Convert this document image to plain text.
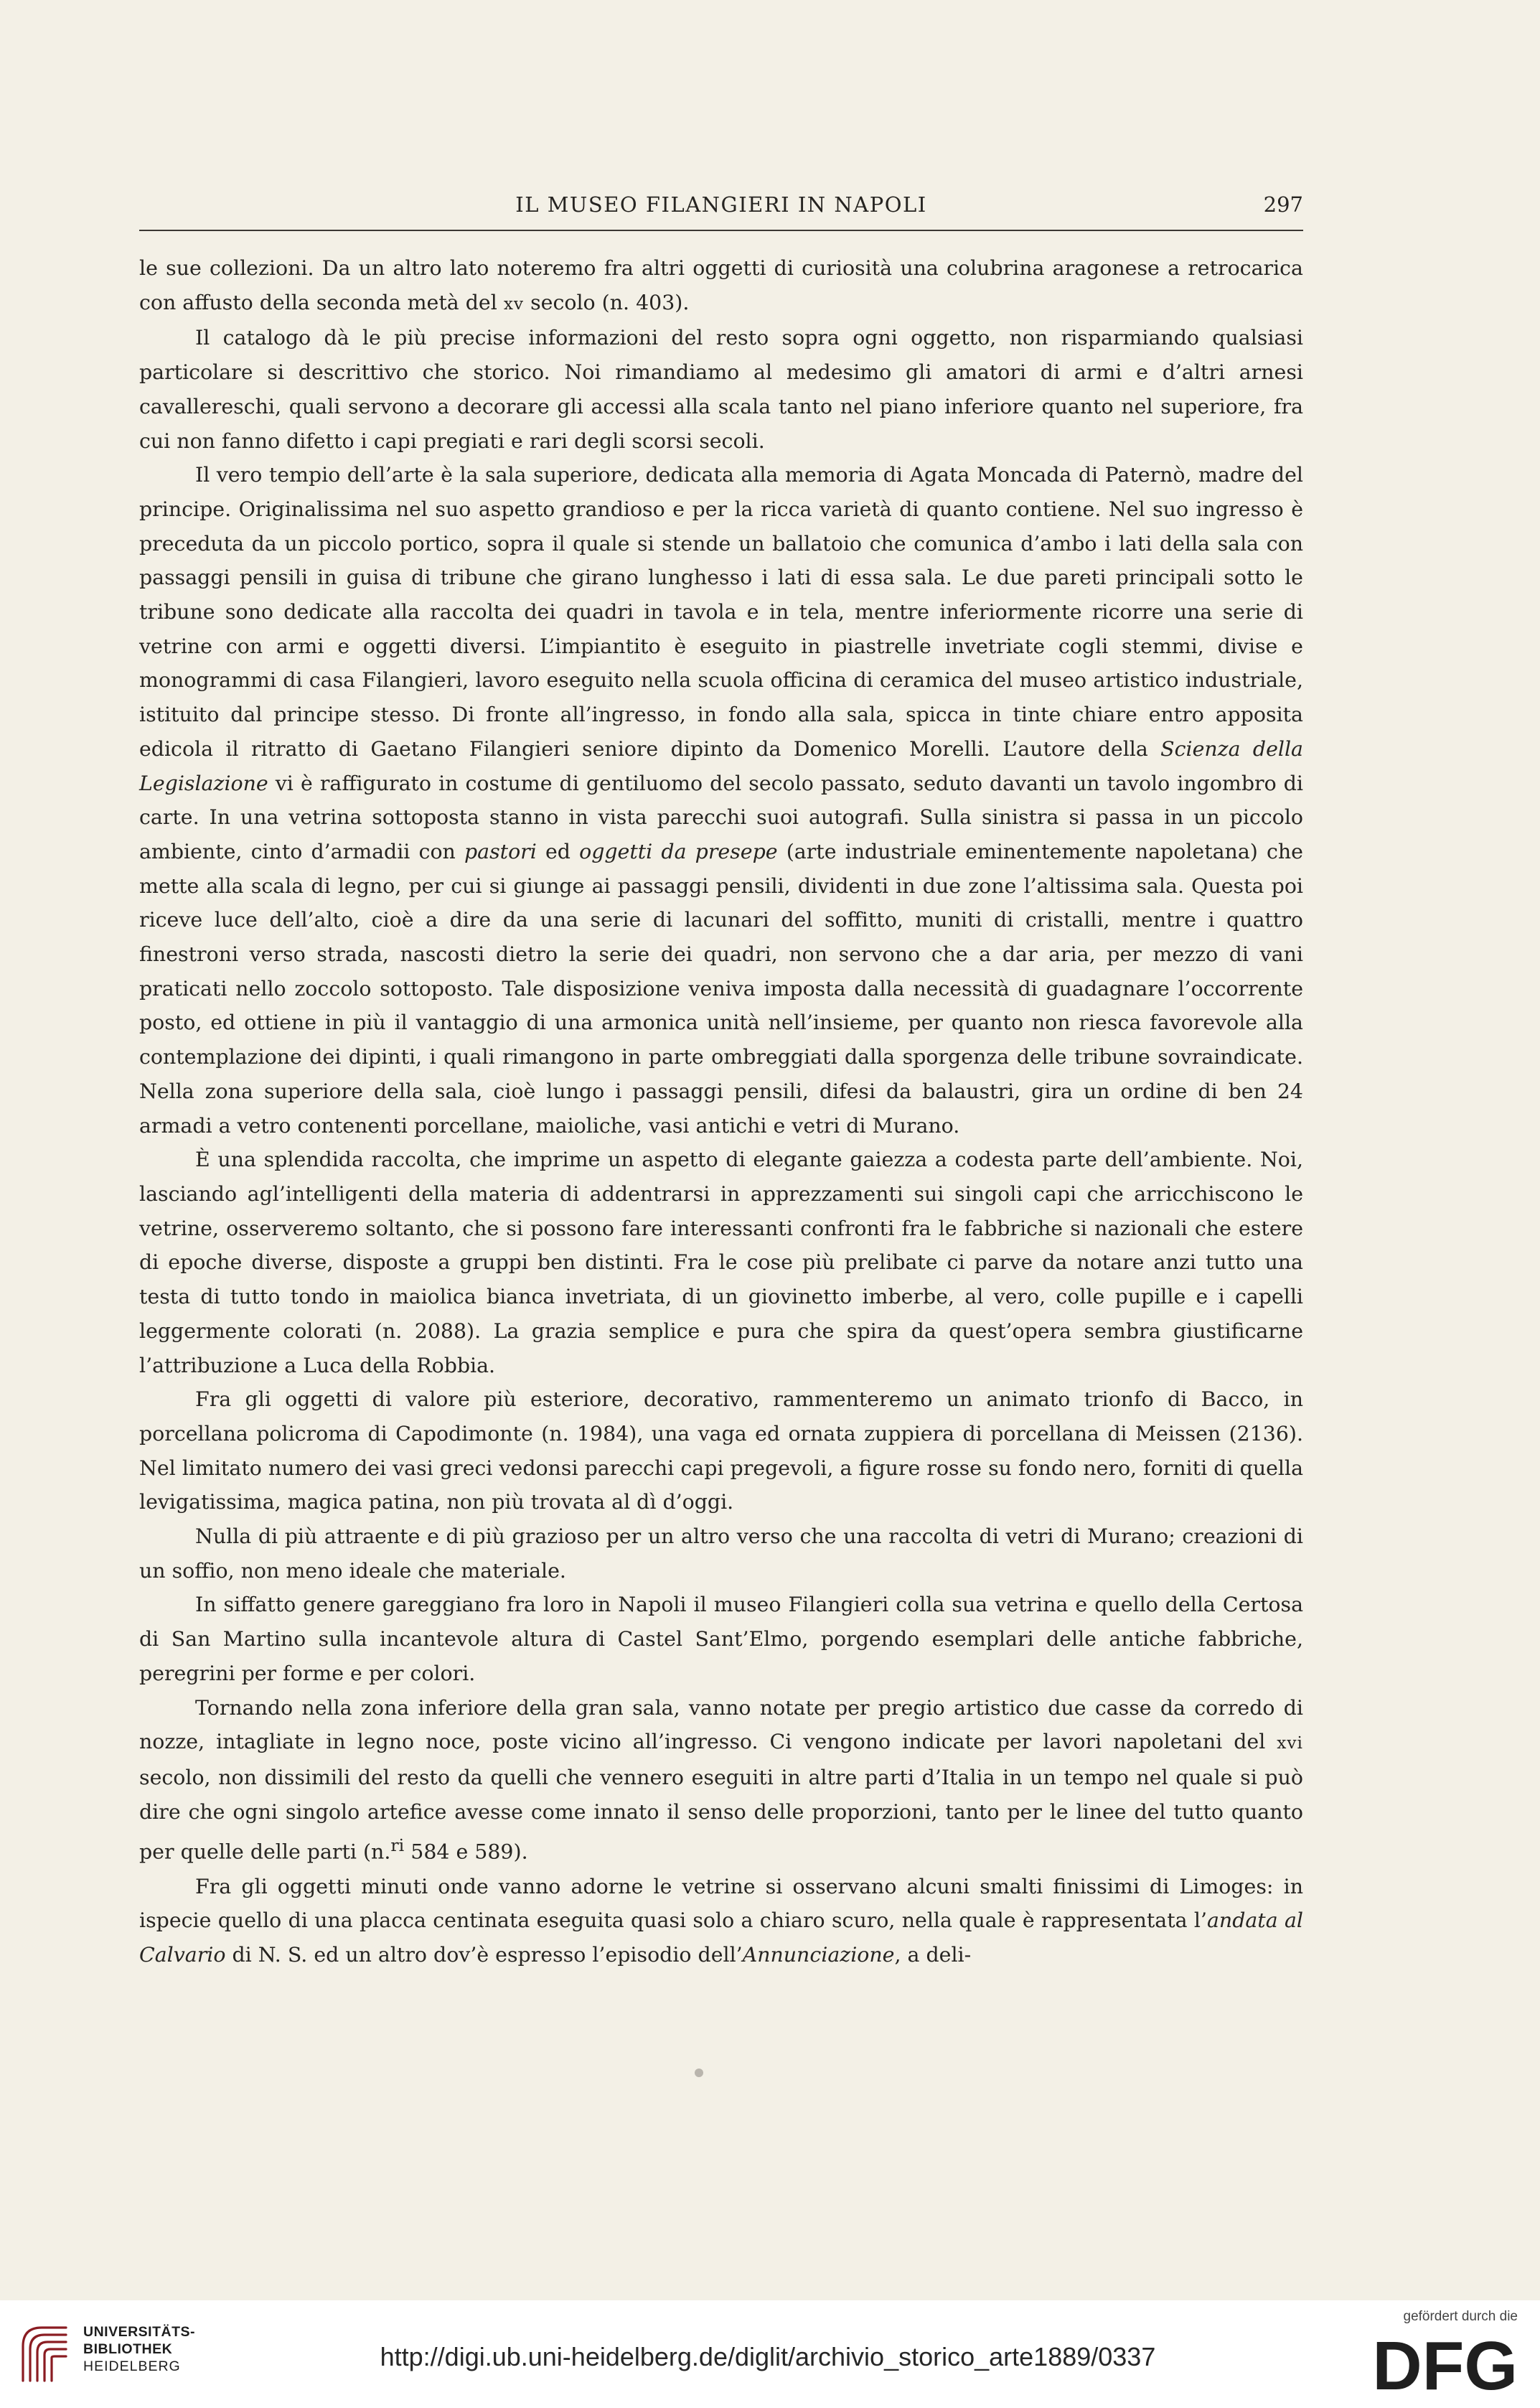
IL MUSEO FILANGIERI IN NAPOLI	297

le sue collezioni. Da un altro lato noteremo fra altri oggetti di curiosità una colubrina aragonese a retrocarica con affusto della seconda metà del xv secolo (n. 403).

Il catalogo dà le più precise informazioni del resto sopra ogni oggetto, non risparmiando qualsiasi particolare si descrittivo che storico. Noi rimandiamo al medesimo gli amatori di armi e d’altri arnesi cavallereschi, quali servono a decorare gli accessi alla scala tanto nel piano inferiore quanto nel superiore, fra cui non fanno difetto i capi pregiati e rari degli scorsi secoli.

Il vero tempio dell’arte è la sala superiore, dedicata alla memoria di Agata Moncada di Paternò, madre del principe. Originalissima nel suo aspetto grandioso e per la ricca varietà di quanto contiene. Nel suo ingresso è preceduta da un piccolo portico, sopra il quale si stende un ballatoio che comunica d’ambo i lati della sala con passaggi pensili in guisa di tribune che girano lunghesso i lati di essa sala. Le due pareti principali sotto le tribune sono dedicate alla raccolta dei quadri in tavola e in tela, mentre inferiormente ricorre una serie di vetrine con armi e oggetti diversi. L’impiantito è eseguito in piastrelle invetriate cogli stemmi, divise e monogrammi di casa Filangieri, lavoro eseguito nella scuola officina di ceramica del museo artistico industriale, istituito dal principe stesso. Di fronte all’ingresso, in fondo alla sala, spicca in tinte chiare entro apposita edicola il ritratto di Gaetano Filangieri seniore dipinto da Domenico Morelli. L’autore della Scienza della Legislazione vi è raffigurato in costume di gentiluomo del secolo passato, seduto davanti un tavolo ingombro di carte. In una vetrina sottoposta stanno in vista parecchi suoi autografi. Sulla sinistra si passa in un piccolo ambiente, cinto d’armadii con pastori ed oggetti da presepe (arte industriale eminentemente napoletana) che mette alla scala di legno, per cui si giunge ai passaggi pensili, dividenti in due zone l’altissima sala. Questa poi riceve luce dell’alto, cioè a dire da una serie di lacunari del soffitto, muniti di cristalli, mentre i quattro finestroni verso strada, nascosti dietro la serie dei quadri, non servono che a dar aria, per mezzo di vani praticati nello zoccolo sottoposto. Tale disposizione veniva imposta dalla necessità di guadagnare l’occorrente posto, ed ottiene in più il vantaggio di una armonica unità nell’insieme, per quanto non riesca favorevole alla contemplazione dei dipinti, i quali rimangono in parte ombreggiati dalla sporgenza delle tribune sovraindicate. Nella zona superiore della sala, cioè lungo i passaggi pensili, difesi da balaustri, gira un ordine di ben 24 armadi a vetro contenenti porcellane, maioliche, vasi antichi e vetri di Murano.

È una splendida raccolta, che imprime un aspetto di elegante gaiezza a codesta parte dell’ambiente. Noi, lasciando agl’intelligenti della materia di addentrarsi in apprezzamenti sui singoli capi che arricchiscono le vetrine, osserveremo soltanto, che si possono fare interessanti confronti fra le fabbriche si nazionali che estere di epoche diverse, disposte a gruppi ben distinti. Fra le cose più prelibate ci parve da notare anzi tutto una testa di tutto tondo in maiolica bianca invetriata, di un giovinetto imberbe, al vero, colle pupille e i capelli leggermente colorati (n. 2088). La grazia semplice e pura che spira da quest’opera sembra giustificarne l’attribuzione a Luca della Robbia.

Fra gli oggetti di valore più esteriore, decorativo, rammenteremo un animato trionfo di Bacco, in porcellana policroma di Capodimonte (n. 1984), una vaga ed ornata zuppiera di porcellana di Meissen (2136). Nel limitato numero dei vasi greci vedonsi parecchi capi pregevoli, a figure rosse su fondo nero, forniti di quella levigatissima, magica patina, non più trovata al dì d’oggi.

Nulla di più attraente e di più grazioso per un altro verso che una raccolta di vetri di Murano; creazioni di un soffio, non meno ideale che materiale.

In siffatto genere gareggiano fra loro in Napoli il museo Filangieri colla sua vetrina e quello della Certosa di San Martino sulla incantevole altura di Castel Sant’Elmo, porgendo esemplari delle antiche fabbriche, peregrini per forme e per colori.

Tornando nella zona inferiore della gran sala, vanno notate per pregio artistico due casse da corredo di nozze, intagliate in legno noce, poste vicino all’ingresso. Ci vengono indicate per lavori napoletani del xvi secolo, non dissimili del resto da quelli che vennero eseguiti in altre parti d’Italia in un tempo nel quale si può dire che ogni singolo artefice avesse come innato il senso delle proporzioni, tanto per le linee del tutto quanto per quelle delle parti (n.$^{ri}$ 584 e 589).

Fra gli oggetti minuti onde vanno adorne le vetrine si osservano alcuni smalti finissimi di Limoges: in ispecie quello di una placca centinata eseguita quasi solo a chiaro scuro, nella quale è rappresentata l’andata al Calvario di N. S. ed un altro dov’è espresso l’episodio dell’Annunciazione, a deli-

UNIVERSITÄTS-
BIBLIOTHEK
HEIDELBERG	http://digi.ub.uni-heidelberg.de/diglit/archivio_storico_arte1889/0337
gefördert durch die
DFG
